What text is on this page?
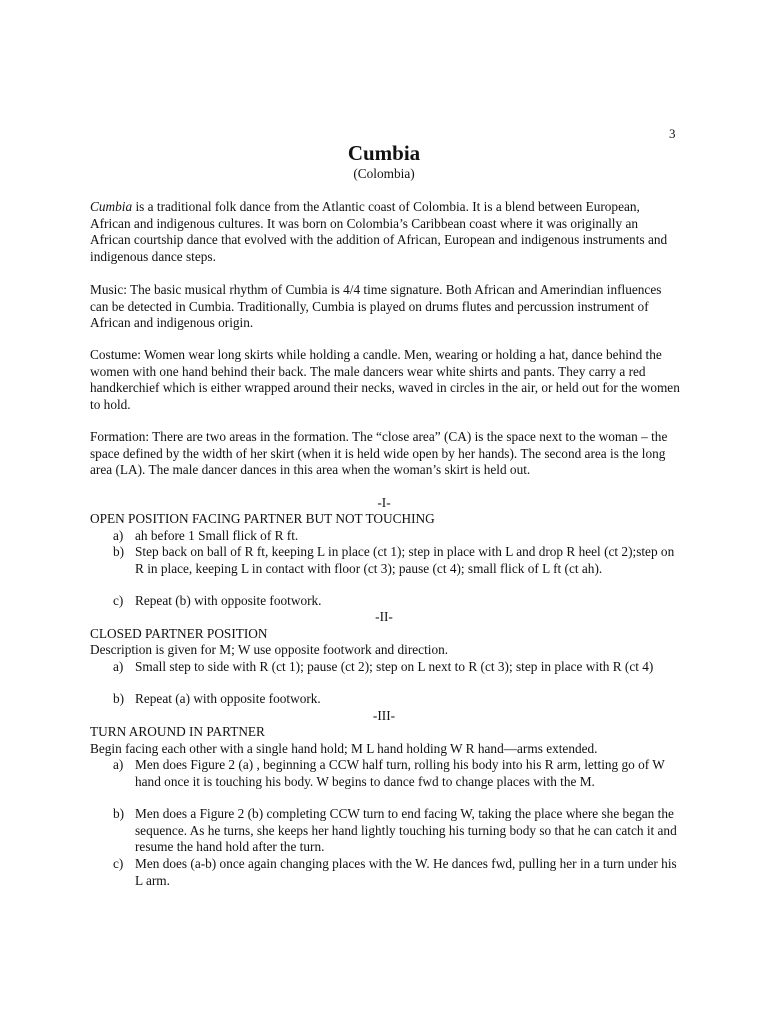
3
Cumbia
(Colombia)
Cumbia is a traditional folk dance from the Atlantic coast of Colombia. It is a blend between European, African and indigenous cultures. It was born on Colombia’s Caribbean coast where it was originally an African courtship dance that evolved with the addition of African, European and indigenous instruments and indigenous dance steps.
Music: The basic musical rhythm of Cumbia is 4/4 time signature. Both African and Amerindian influences can be detected in Cumbia. Traditionally, Cumbia is played on drums flutes and percussion instrument of African and indigenous origin.
Costume: Women wear long skirts while holding a candle. Men, wearing or holding a hat, dance behind the women with one hand behind their back. The male dancers wear white shirts and pants. They carry a red handkerchief which is either wrapped around their necks, waved in circles in the air, or held out for the women to hold.
Formation: There are two areas in the formation. The “close area” (CA) is the space next to the woman – the space defined by the width of her skirt (when it is held wide open by her hands). The second area is the long area (LA). The male dancer dances in this area when the woman’s skirt is held out.
-I-
OPEN POSITION FACING PARTNER BUT NOT TOUCHING
a) ah before 1 Small flick of R ft.
b) Step back on ball of R ft, keeping L in place (ct 1); step in place with L and drop R heel (ct 2);step on R in place, keeping L in contact with floor (ct 3); pause (ct 4); small flick of L ft (ct ah).
c) Repeat (b) with opposite footwork.
-II-
CLOSED PARTNER POSITION
Description is given for M; W use opposite footwork and direction.
a) Small step to side with R (ct 1); pause (ct 2); step on L next to R (ct 3); step in place with R (ct 4)
b) Repeat (a) with opposite footwork.
-III-
TURN AROUND IN PARTNER
Begin facing each other with a single hand hold; M L hand holding W R hand—arms extended.
a) Men does Figure 2 (a) , beginning a CCW half turn, rolling his body into his R arm, letting go of W hand once it is touching his body. W begins to dance fwd to change places with the M.
b) Men does a Figure 2 (b) completing CCW turn to end facing W, taking the place where she began the sequence. As he turns, she keeps her hand lightly touching his turning body so that he can catch it and resume the hand hold after the turn.
c) Men does (a-b) once again changing places with the W. He dances fwd, pulling her in a turn under his L arm.
